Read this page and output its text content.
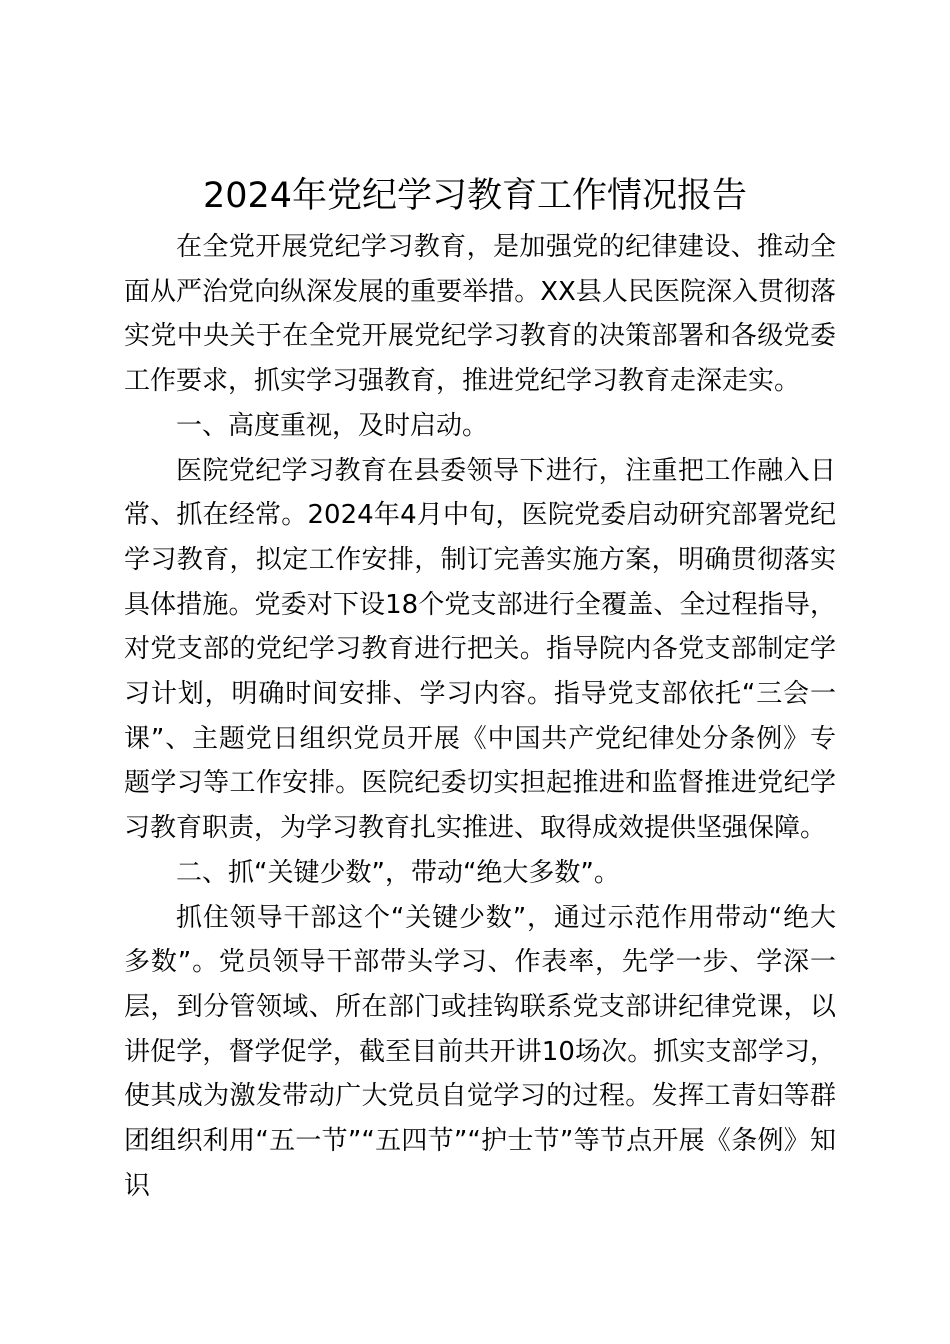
2024年党纪学习教育工作情况报告

在全党开展党纪学习教育，是加强党的纪律建设、推动全面从严治党向纵深发展的重要举措。XX县人民医院深入贯彻落实党中央关于在全党开展党纪学习教育的决策部署和各级党委工作要求，抓实学习强教育，推进党纪学习教育走深走实。

一、高度重视，及时启动。

医院党纪学习教育在县委领导下进行，注重把工作融入日常、抓在经常。2024年4月中旬，医院党委启动研究部署党纪学习教育，拟定工作安排，制订完善实施方案，明确贯彻落实具体措施。党委对下设18个党支部进行全覆盖、全过程指导，对党支部的党纪学习教育进行把关。指导院内各党支部制定学习计划，明确时间安排、学习内容。指导党支部依托“三会一课”、主题党日组织党员开展《中国共产党纪律处分条例》专题学习等工作安排。医院纪委切实担起推进和监督推进党纪学习教育职责，为学习教育扎实推进、取得成效提供坚强保障。

二、抓“关键少数”，带动“绝大多数”。

抓住领导干部这个“关键少数”，通过示范作用带动“绝大多数”。党员领导干部带头学习、作表率，先学一步、学深一层，到分管领域、所在部门或挂钩联系党支部讲纪律党课，以讲促学，督学促学，截至目前共开讲10场次。抓实支部学习，使其成为激发带动广大党员自觉学习的过程。发挥工青妇等群团组织利用“五一节”“五四节”“护士节”等节点开展《条例》知识
